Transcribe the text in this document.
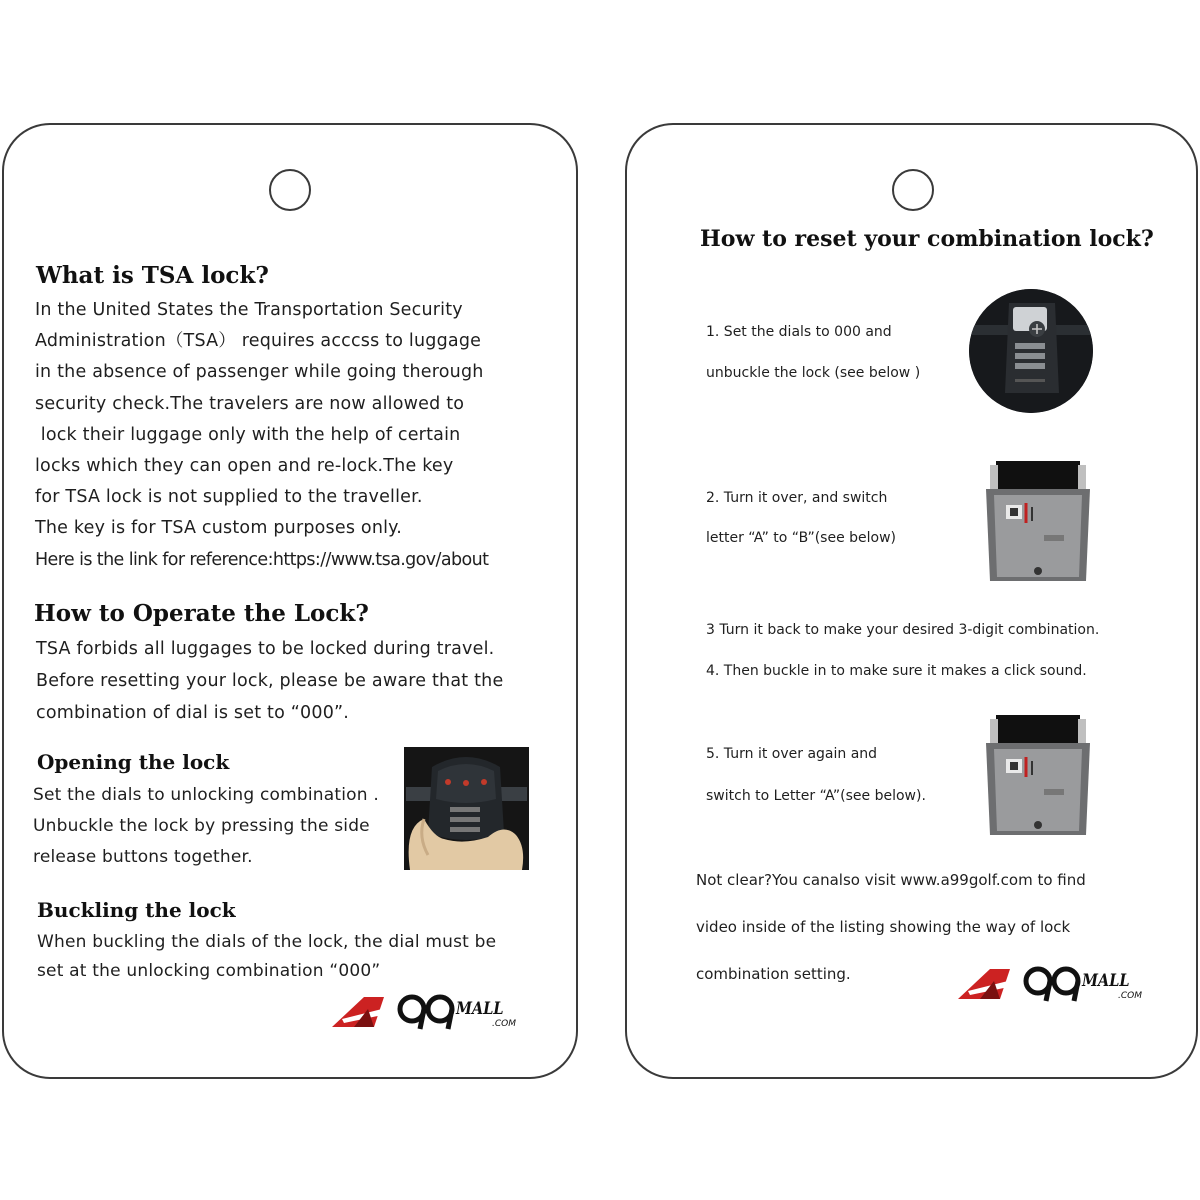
What is TSA lock?

In the United States the Transportation Security
Administration（TSA） requires acccss to luggage
in the absence of passenger while going therough
security check.The travelers are now allowed to
lock their luggage only with the help of certain
locks which they can open and re-lock.The key
for TSA lock is not supplied to the traveller.
The key is for TSA custom purposes only.
Here is the link for reference:https://www.tsa.gov/about

How to Operate the Lock?

TSA forbids all luggages to be locked during travel.
Before resetting your lock, please be aware that the
combination of dial is set to “000”.

Opening the lock

Set the dials to unlocking combination .
Unbuckle the lock by pressing the side
release buttons together.

Buckling the lock

When buckling the dials of the lock, the dial must be
set at the unlocking combination “000”

MALL
.COM
How to reset your combination lock?

1. Set the dials to 000 and

unbuckle the lock (see below )

2. Turn it over, and switch

letter “A” to “B”(see below)

3 Turn it back to make your desired 3-digit combination.

4. Then buckle in to make sure it makes a click sound.

5. Turn it over again and

switch to Letter “A”(see below).

Not clear?You canalso visit www.a99golf.com to find

video inside of the listing showing the way of lock

combination setting.	MALL
.COM
